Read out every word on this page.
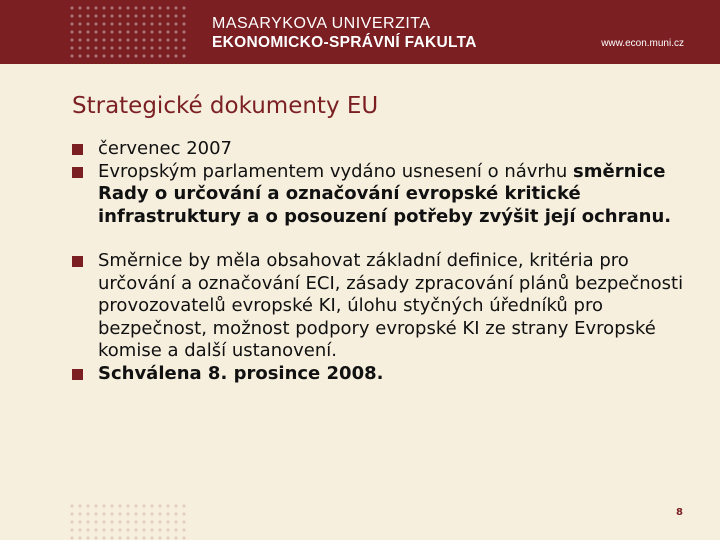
MASARYKOVA UNIVERZITA

EKONOMICKO-SPRÁVNÍ FAKULTA	www.econ.muni.cz
Strategické dokumenty EU
červenec 2007
Evropským parlamentem vydáno usnesení o návrhu směrnice Rady o určování a označování evropské kritické infrastruktury a o posouzení potřeby zvýšit její ochranu.
Směrnice by měla obsahovat základní definice, kritéria pro určování a označování ECI, zásady zpracování plánů bezpečnosti provozovatelů evropské KI, úlohu styčných úředníků pro bezpečnost, možnost podpory evropské KI ze strany Evropské komise a další ustanovení.
Schválena 8. prosince 2008.
8
